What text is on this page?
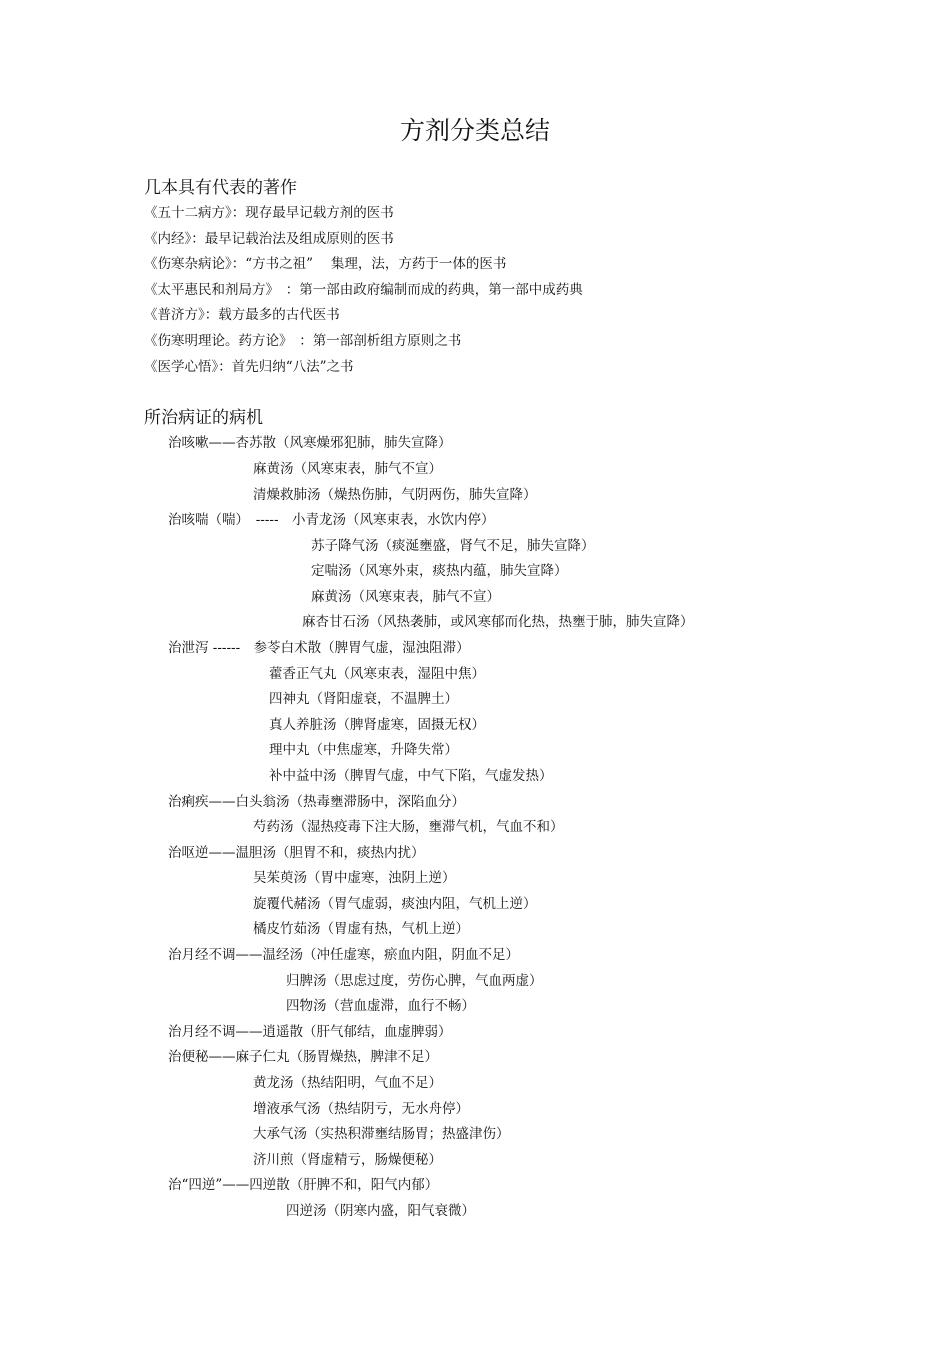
方剂分类总结
几本具有代表的著作
《五十二病方》：现存最早记载方剂的医书
《内经》：最早记载治法及组成原则的医书
《伤寒杂病论》：“方书之祖”　 集理，法，方药于一体的医书
《太平惠民和剂局方》　：第一部由政府编制而成的药典，第一部中成药典
《普济方》：载方最多的古代医书
《伤寒明理论。药方论》　：第一部剖析组方原则之书
《医学心悟》：首先归纳“八法”之书
所治病证的病机
治咳嗽——杏苏散（风寒燥邪犯肺，肺失宣降）
麻黄汤（风寒束表，肺气不宣）
清燥救肺汤（燥热伤肺，气阴两伤，肺失宣降）
治咳喘（喘）　-----　小青龙汤（风寒束表，水饮内停）
苏子降气汤（痰涎壅盛，肾气不足，肺失宣降）
定喘汤（风寒外束，痰热内蕴，肺失宣降）
麻黄汤（风寒束表，肺气不宣）
麻杏甘石汤（风热袭肺，或风寒郁而化热，热壅于肺，肺失宣降）
治泄泻 ------　参苓白术散（脾胃气虚，湿浊阻滞）
藿香正气丸（风寒束表，湿阻中焦）
四神丸（肾阳虚衰，不温脾土）
真人养脏汤（脾肾虚寒，固摄无权）
理中丸（中焦虚寒，升降失常）
补中益中汤（脾胃气虚，中气下陷，气虚发热）
治痢疾——白头翁汤（热毒壅滞肠中，深陷血分）
芍药汤（湿热疫毒下注大肠，壅滞气机，气血不和）
治呕逆——温胆汤（胆胃不和，痰热内扰）
吴茱萸汤（胃中虚寒，浊阴上逆）
旋覆代赭汤（胃气虚弱，痰浊内阻，气机上逆）
橘皮竹茹汤（胃虚有热，气机上逆）
治月经不调——温经汤（冲任虚寒，瘀血内阻，阴血不足）
归脾汤（思虑过度，劳伤心脾，气血两虚）
四物汤（营血虚滞，血行不畅）
治月经不调——逍遥散（肝气郁结，血虚脾弱）
治便秘——麻子仁丸（肠胃燥热，脾津不足）
黄龙汤（热结阳明，气血不足）
增液承气汤（热结阴亏，无水舟停）
大承气汤（实热积滞壅结肠胃；热盛津伤）
济川煎（肾虚精亏，肠燥便秘）
治“四逆”——四逆散（肝脾不和，阳气内郁）
四逆汤（阴寒内盛，阳气衰微）
